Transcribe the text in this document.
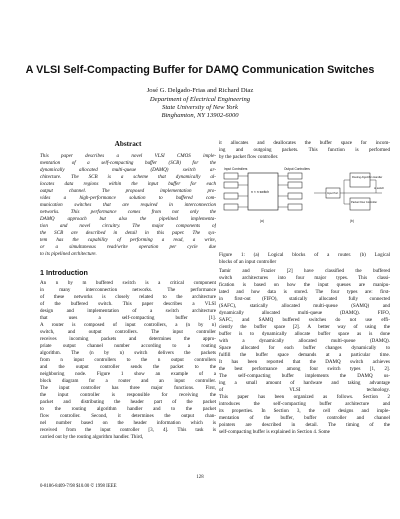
A VLSI Self-Compacting Buffer for DAMQ Communication Switches
José G. Delgado-Frias and Richard Diaz
Department of Electrical Engineering
State University of New York
Binghamton, NY 13902-6000
Abstract
This paper describes a novel VLSI CMOS imple-
mentation of a self-compacting buffer (SCB) for the
dynamically allocated multi-queue (DAMQ) switch ar-
chitecture. The SCB is a scheme that dynamically al-
locates data regions within the input buffer for each
output channel. The proposed implementation pro-
vides a high-performance solution to buffered com-
munication switches that are required in interconnection
networks. This performance comes from not only the
DAMQ approach but also the pipelined implementa-
tion and novel circuitry. The major components of
the SCB are described in detail in this paper. The sys-
tem has the capability of performing a read, a write,
or a simultaneous read/write operation per cycle due
to its pipelined architecture.
1 Introduction
An n by m buffered switch is a critical component
in many interconnection networks. The performance
of these networks is closely related to the architecture
of the buffered switch. This paper describes a VLSI
design and implementation of a switch architecture
that uses a self-compacting buffer [1].
A router is composed of input controllers, a (n by n)
switch, and output controllers. The input controller
receives incoming packets and determines the appro-
priate output channel number according to a routing
algorithm. The (n by n) switch delivers the packets
from n input controllers to the n output controllers
and the output controller sends the packet to the
neighboring node. Figure 1 show an example of a
block diagram for a router and an input controller.
The input controller has three major functions. First,
the input controller is responsible for receiving the
packet and distributing the header part of the packet
to the routing algorithm handler and to the packet
flow controller. Second, it determines the output chan-
nel number based on the header information which is
received from the input controller [3, 4]. This task is
carried out by the routing algorithm handler. Third,
it allocates and deallocates the buffer space for incom-
ing and outgoing packets. This function is performed
by the packet flow controller.
Input Controllers
n × n switch
Output Controllers
(a)
Routing Algorithm Handler
Input Port
Packet Flow Controller
to switch
(b)
Figure 1: (a) Logical blocks of a router. (b) Logical
blocks of an input controller
Tamir and Frazier [2] have classified the buffered
switch architectures into four major types. This classi-
fication is based on how the input queues are manipu-
lated and how data is stored. The four types are: first-
in first-out (FIFO), statically allocated fully connected
(SAFC), statically allocated multi-queue (SAMQ) and
dynamically allocated multi-queue (DAMQ). FIFO,
SAFC, and SAMQ buffered switches do not use effi-
ciently the buffer space [2]. A better way of using the
buffer is to dynamically allocate buffer space as is done
with a dynamically allocated multi-queue (DAMQ).
Space allocated for each buffer changes dynamically to
fulfill the buffer space demands at a particular time.
It has been reported that the DAMQ switch achieves
the best performance among four switch types [1, 2].
The self-compacting buffer implements the DAMQ us-
ing a small amount of hardware and taking advantage
of VLSI technology.
This paper has been organized as follows. Section 2
introduces the self-compacting buffer architecture and
its properties. In Section 3, the cell designs and imple-
mentation of the buffer, buffer controller and channel
pointers are described in detail. The timing of the
self-compacting buffer is explained in Section 4. Some
128
0-8186-8409-7/98 $10.00 © 1998 IEEE
